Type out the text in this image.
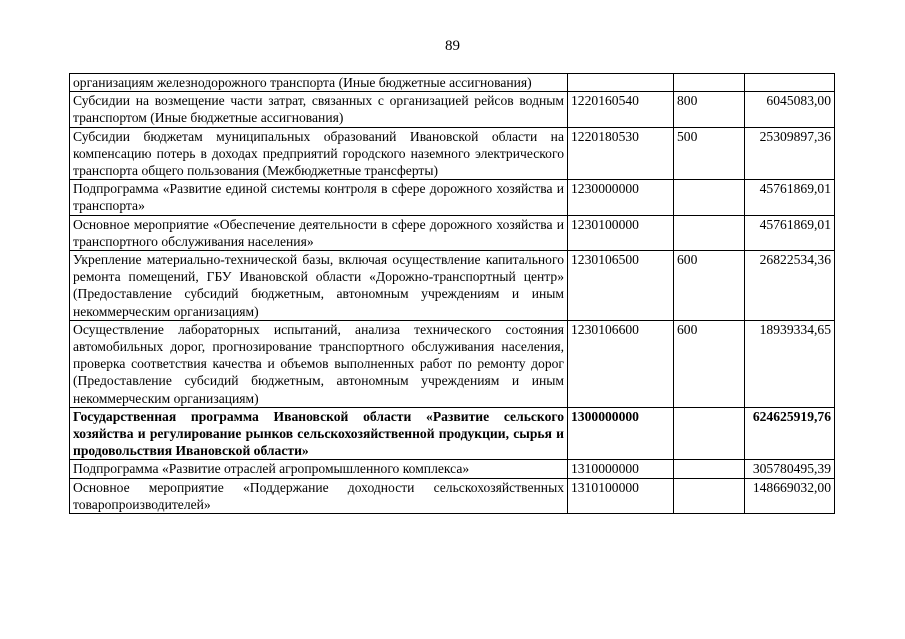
89
организациям железнодорожного транспорта (Иные бюджетные ассигнования)			
Субсидии на возмещение части затрат, связанных с организацией рейсов водным транспортом (Иные бюджетные ассигнования)	1220160540	800	6045083,00
Субсидии бюджетам муниципальных образований Ивановской области на компенсацию потерь в доходах предприятий городского наземного электрического транспорта общего пользования (Межбюджетные трансферты)	1220180530	500	25309897,36
Подпрограмма «Развитие единой системы контроля в сфере дорожного хозяйства и транспорта»	1230000000		45761869,01
Основное мероприятие «Обеспечение деятельности в сфере дорожного хозяйства и транспортного обслуживания населения»	1230100000		45761869,01
Укрепление материально-технической базы, включая осуществление капитального ремонта помещений, ГБУ Ивановской области «Дорожно-транспортный центр» (Предоставление субсидий бюджетным, автономным учреждениям и иным некоммерческим организациям)	1230106500	600	26822534,36
Осуществление лабораторных испытаний, анализа технического состояния автомобильных дорог, прогнозирование транспортного обслуживания населения, проверка соответствия качества и объемов выполненных работ по ремонту дорог (Предоставление субсидий бюджетным, автономным учреждениям и иным некоммерческим организациям)	1230106600	600	18939334,65
Государственная программа Ивановской области «Развитие сельского хозяйства и регулирование рынков сельскохозяйственной продукции, сырья и продовольствия Ивановской области»	1300000000		624625919,76
Подпрограмма «Развитие отраслей агропромышленного комплекса»	1310000000		305780495,39
Основное мероприятие «Поддержание доходности сельскохозяйственных товаропроизводителей»	1310100000		148669032,00
